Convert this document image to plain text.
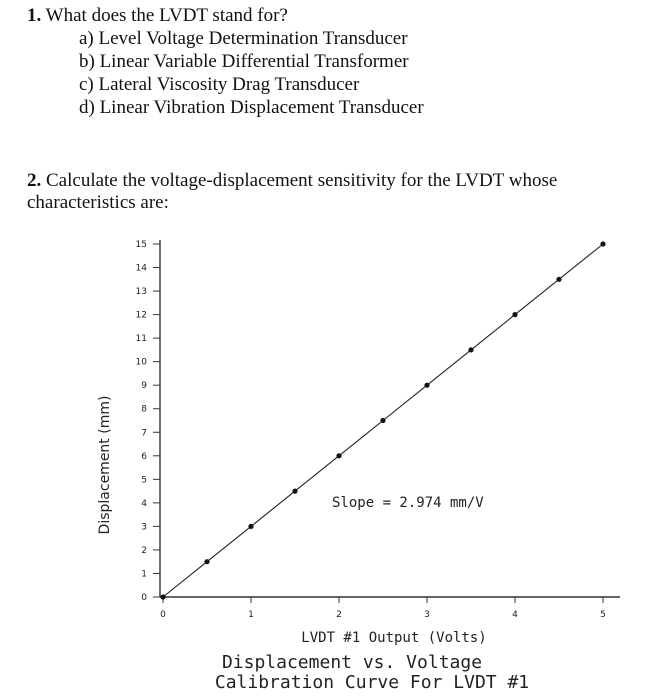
1. What does the LVDT stand for?
a) Level Voltage Determination Transducer
b) Linear Variable Differential Transformer
c) Lateral Viscosity Drag Transducer
d) Linear Vibration Displacement Transducer
2. Calculate the voltage-displacement sensitivity for the LVDT whose
characteristics are:
0
1
2
3
4
5
6
7
8
9
10
11
12
13
14
15
0	1	2	3	4	5
Displacement (mm)	Slope = 2.974 mm/V
LVDT #1 Output (Volts)
Displacement vs. Voltage
Calibration Curve For LVDT #1
